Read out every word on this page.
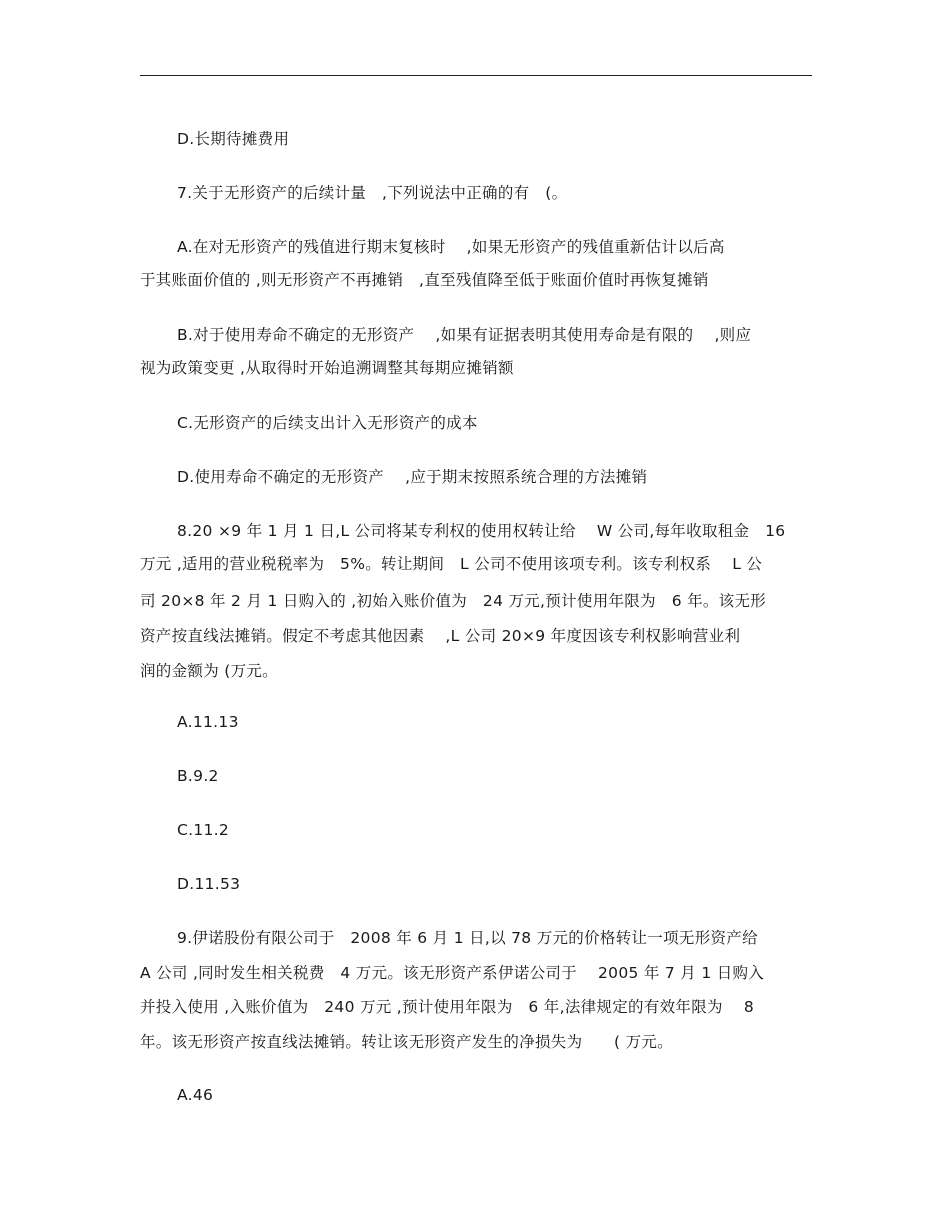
D.长期待摊费用

7.关于无形资产的后续计量　,下列说法中正确的有　(。

A.在对无形资产的残值进行期末复核时　 ,如果无形资产的残值重新估计以后高

于其账面价值的 ,则无形资产不再摊销　,直至残值降至低于账面价值时再恢复摊销

B.对于使用寿命不确定的无形资产　 ,如果有证据表明其使用寿命是有限的　 ,则应

视为政策变更 ,从取得时开始追溯调整其每期应摊销额

C.无形资产的后续支出计入无形资产的成本

D.使用寿命不确定的无形资产　 ,应于期末按照系统合理的方法摊销

8.20 ×9 年 1 月 1 日,L 公司将某专利权的使用权转让给　 W 公司,每年收取租金　16

万元 ,适用的营业税税率为　5%。转让期间　L 公司不使用该项专利。该专利权系　 L 公

司 20×8 年 2 月 1 日购入的 ,初始入账价值为　24 万元,预计使用年限为　6 年。该无形

资产按直线法摊销。假定不考虑其他因素　 ,L 公司 20×9 年度因该专利权影响营业利

润的金额为 (万元。

A.11.13

B.9.2

C.11.2

D.11.53

9.伊诺股份有限公司于　2008 年 6 月 1 日,以 78 万元的价格转让一项无形资产给

A 公司 ,同时发生相关税费　4 万元。该无形资产系伊诺公司于　 2005 年 7 月 1 日购入

并投入使用 ,入账价值为　240 万元 ,预计使用年限为　6 年,法律规定的有效年限为　 8

年。该无形资产按直线法摊销。转让该无形资产发生的净损失为　　( 万元。

A.46
